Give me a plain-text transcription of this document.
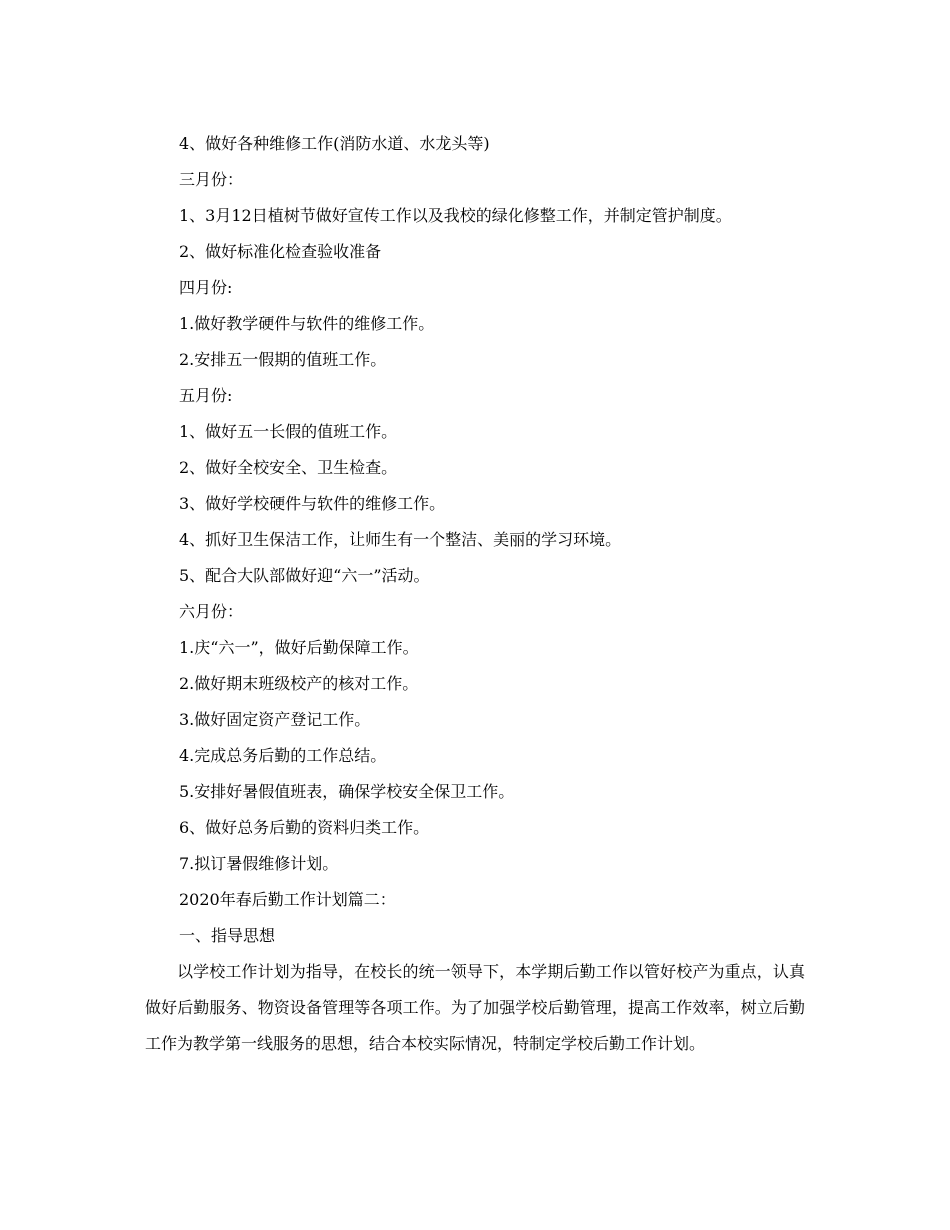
4、做好各种维修工作(消防水道、水龙头等)
三月份：
1、3月12日植树节做好宣传工作以及我校的绿化修整工作，并制定管护制度。
2、做好标准化检查验收准备
四月份:
1.做好教学硬件与软件的维修工作。
2.安排五一假期的值班工作。
五月份:
1、做好五一长假的值班工作。
2、做好全校安全、卫生检查。
3、做好学校硬件与软件的维修工作。
4、抓好卫生保洁工作，让师生有一个整洁、美丽的学习环境。
5、配合大队部做好迎“六一”活动。
六月份：
1.庆“六一”，做好后勤保障工作。
2.做好期末班级校产的核对工作。
3.做好固定资产登记工作。
4.完成总务后勤的工作总结。
5.安排好暑假值班表，确保学校安全保卫工作。
6、做好总务后勤的资料归类工作。
7.拟订暑假维修计划。
2020年春后勤工作计划篇二：
一、指导思想
以学校工作计划为指导，在校长的统一领导下，本学期后勤工作以管好校产为重点，认真做好后勤服务、物资设备管理等各项工作。为了加强学校后勤管理，提高工作效率，树立后勤工作为教学第一线服务的思想，结合本校实际情况，特制定学校后勤工作计划。
